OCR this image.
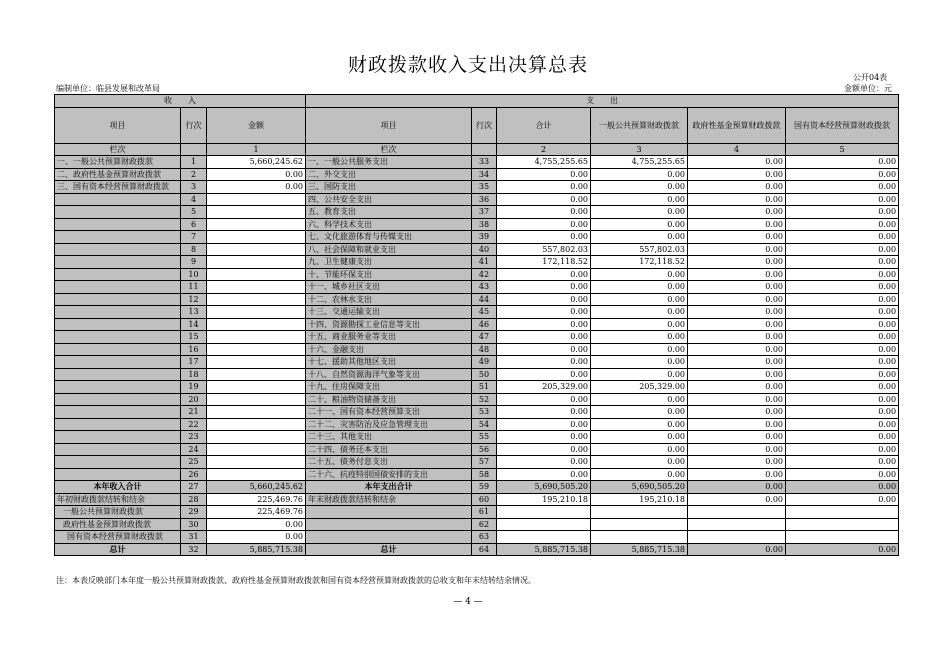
财政拨款收入支出决算总表
公开04表
编制单位：临县发展和改革局	金额单位：元
收　　入			支　　出					
项目	行次	金额	项目	行次	合计	一般公共预算财政拨款	政府性基金预算财政拨款	国有资本经营预算财政拨款
栏次		1	栏次		2	3	4	5
一、一般公共预算财政拨款	1	5,660,245.62	一、一般公共服务支出	33	4,755,255.65	4,755,255.65	0.00	0.00
二、政府性基金预算财政拨款	2	0.00	二、外交支出	34	0.00	0.00	0.00	0.00
三、国有资本经营预算财政拨款	3	0.00	三、国防支出	35	0.00	0.00	0.00	0.00
	4		四、公共安全支出	36	0.00	0.00	0.00	0.00
	5		五、教育支出	37	0.00	0.00	0.00	0.00
	6		六、科学技术支出	38	0.00	0.00	0.00	0.00
	7		七、文化旅游体育与传媒支出	39	0.00	0.00	0.00	0.00
	8		八、社会保障和就业支出	40	557,802.03	557,802.03	0.00	0.00
	9		九、卫生健康支出	41	172,118.52	172,118.52	0.00	0.00
	10		十、节能环保支出	42	0.00	0.00	0.00	0.00
	11		十一、城乡社区支出	43	0.00	0.00	0.00	0.00
	12		十二、农林水支出	44	0.00	0.00	0.00	0.00
	13		十三、交通运输支出	45	0.00	0.00	0.00	0.00
	14		十四、资源勘探工业信息等支出	46	0.00	0.00	0.00	0.00
	15		十五、商业服务业等支出	47	0.00	0.00	0.00	0.00
	16		十六、金融支出	48	0.00	0.00	0.00	0.00
	17		十七、援助其他地区支出	49	0.00	0.00	0.00	0.00
	18		十八、自然资源海洋气象等支出	50	0.00	0.00	0.00	0.00
	19		十九、住房保障支出	51	205,329.00	205,329.00	0.00	0.00
	20		二十、粮油物资储备支出	52	0.00	0.00	0.00	0.00
	21		二十一、国有资本经营预算支出	53	0.00	0.00	0.00	0.00
	22		二十二、灾害防治及应急管理支出	54	0.00	0.00	0.00	0.00
	23		二十三、其他支出	55	0.00	0.00	0.00	0.00
	24		二十四、债务还本支出	56	0.00	0.00	0.00	0.00
	25		二十五、债务付息支出	57	0.00	0.00	0.00	0.00
	26		二十六、抗疫特别国债安排的支出	58	0.00	0.00	0.00	0.00
本年收入合计	27	5,660,245.62	本年支出合计	59	5,690,505.20	5,690,505.20	0.00	0.00
年初财政拨款结转和结余	28	225,469.76	年末财政拨款结转和结余	60	195,210.18	195,210.18	0.00	0.00
一般公共预算财政拨款	29	225,469.76		61				
政府性基金预算财政拨款	30	0.00		62				
国有资本经营预算财政拨款	31	0.00		63				
总计	32	5,885,715.38	总计	64	5,885,715.38	5,885,715.38	0.00	0.00
注：本表反映部门本年度一般公共预算财政拨款、政府性基金预算财政拨款和国有资本经营预算财政拨款的总收支和年末结转结余情况。
— 4 —
